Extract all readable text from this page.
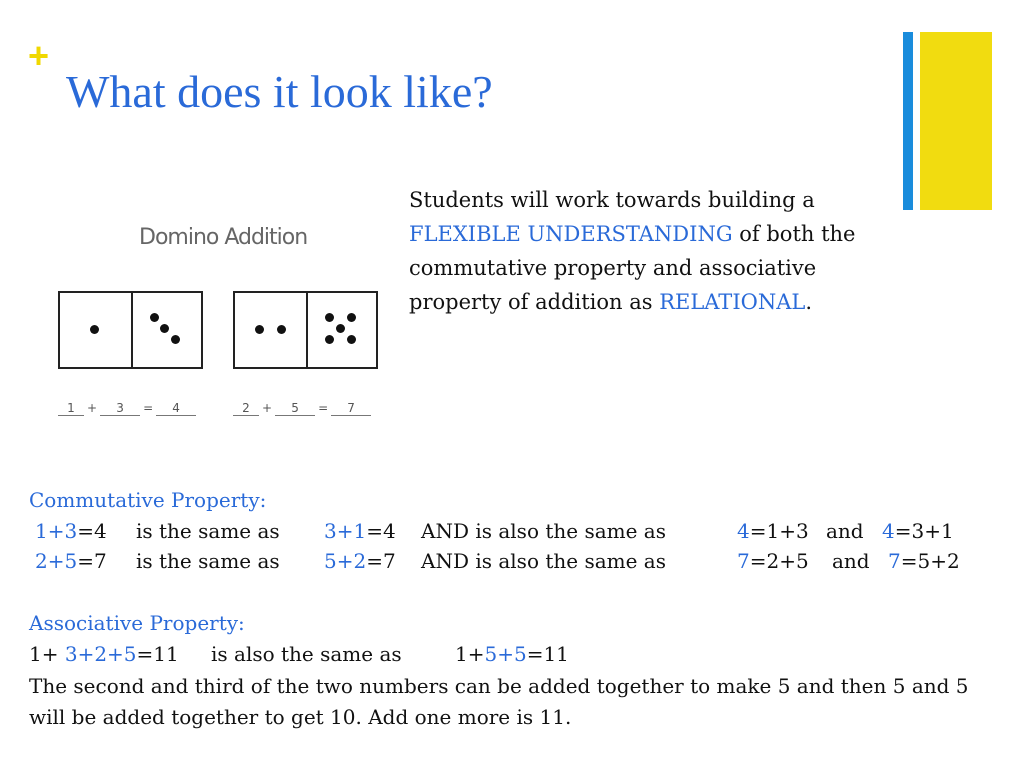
+
What does it look like?

Domino Addition

1 + 3 = 4	2 + 5 = 7

Students will work towards building a FLEXIBLE UNDERSTANDING of both the commutative property and associative property of addition as RELATIONAL.

Commutative Property:

1+3=4 is the same as 3+1=4 AND is also the same as	4=1+3 and 4=3+1
2+5=7 is the same as 5+2=7 AND is also the same as	7=2+5 and 7=5+2

Associative Property:

1+ 3+2+5=11 is also the same as	1+5+5=11

The second and third of the two numbers can be added together to make 5 and then 5 and 5 will be added together to get 10. Add one more is 11.
